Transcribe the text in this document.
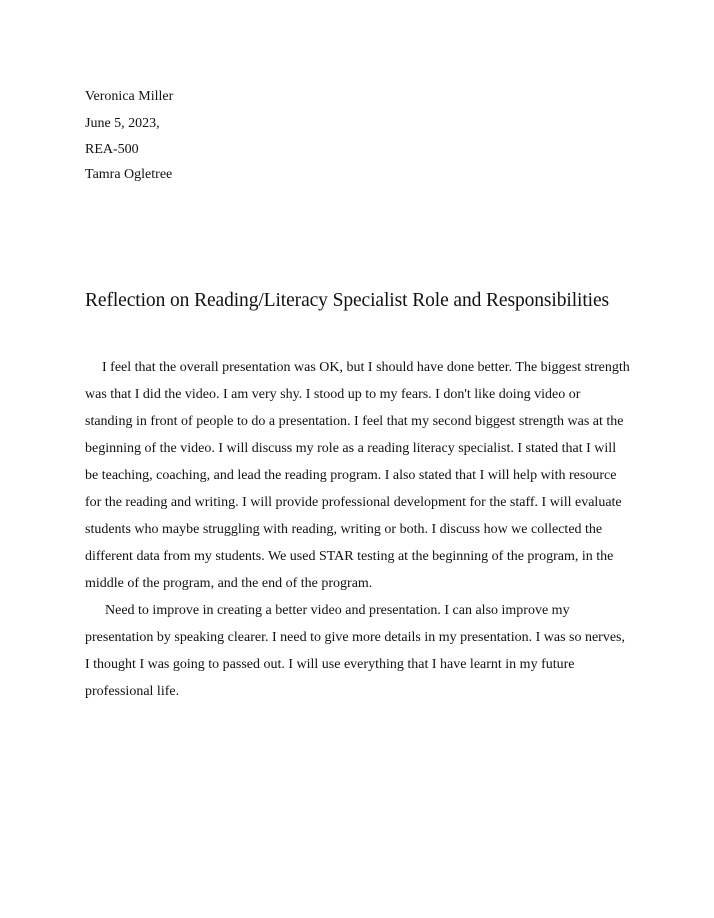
Veronica Miller
June 5, 2023,
REA-500
Tamra Ogletree
Reflection on Reading/Literacy Specialist Role and Responsibilities
I feel that the overall presentation was OK, but I should have done better. The biggest strength
was that I did the video. I am very shy. I stood up to my fears. I don't like doing video or
standing in front of people to do a presentation. I feel that my second biggest strength was at the
beginning of the video. I will discuss my role as a reading literacy specialist. I stated that I will
be teaching, coaching, and lead the reading program. I also stated that I will help with resource
for the reading and writing. I will provide professional development for the staff. I will evaluate
students who maybe struggling with reading, writing or both. I discuss how we collected the
different data from my students. We used STAR testing at the beginning of the program, in the
middle of the program, and the end of the program.
Need to improve in creating a better video and presentation. I can also improve my
presentation by speaking clearer. I need to give more details in my presentation. I was so nerves,
I thought I was going to passed out. I will use everything that I have learnt in my future
professional life.
